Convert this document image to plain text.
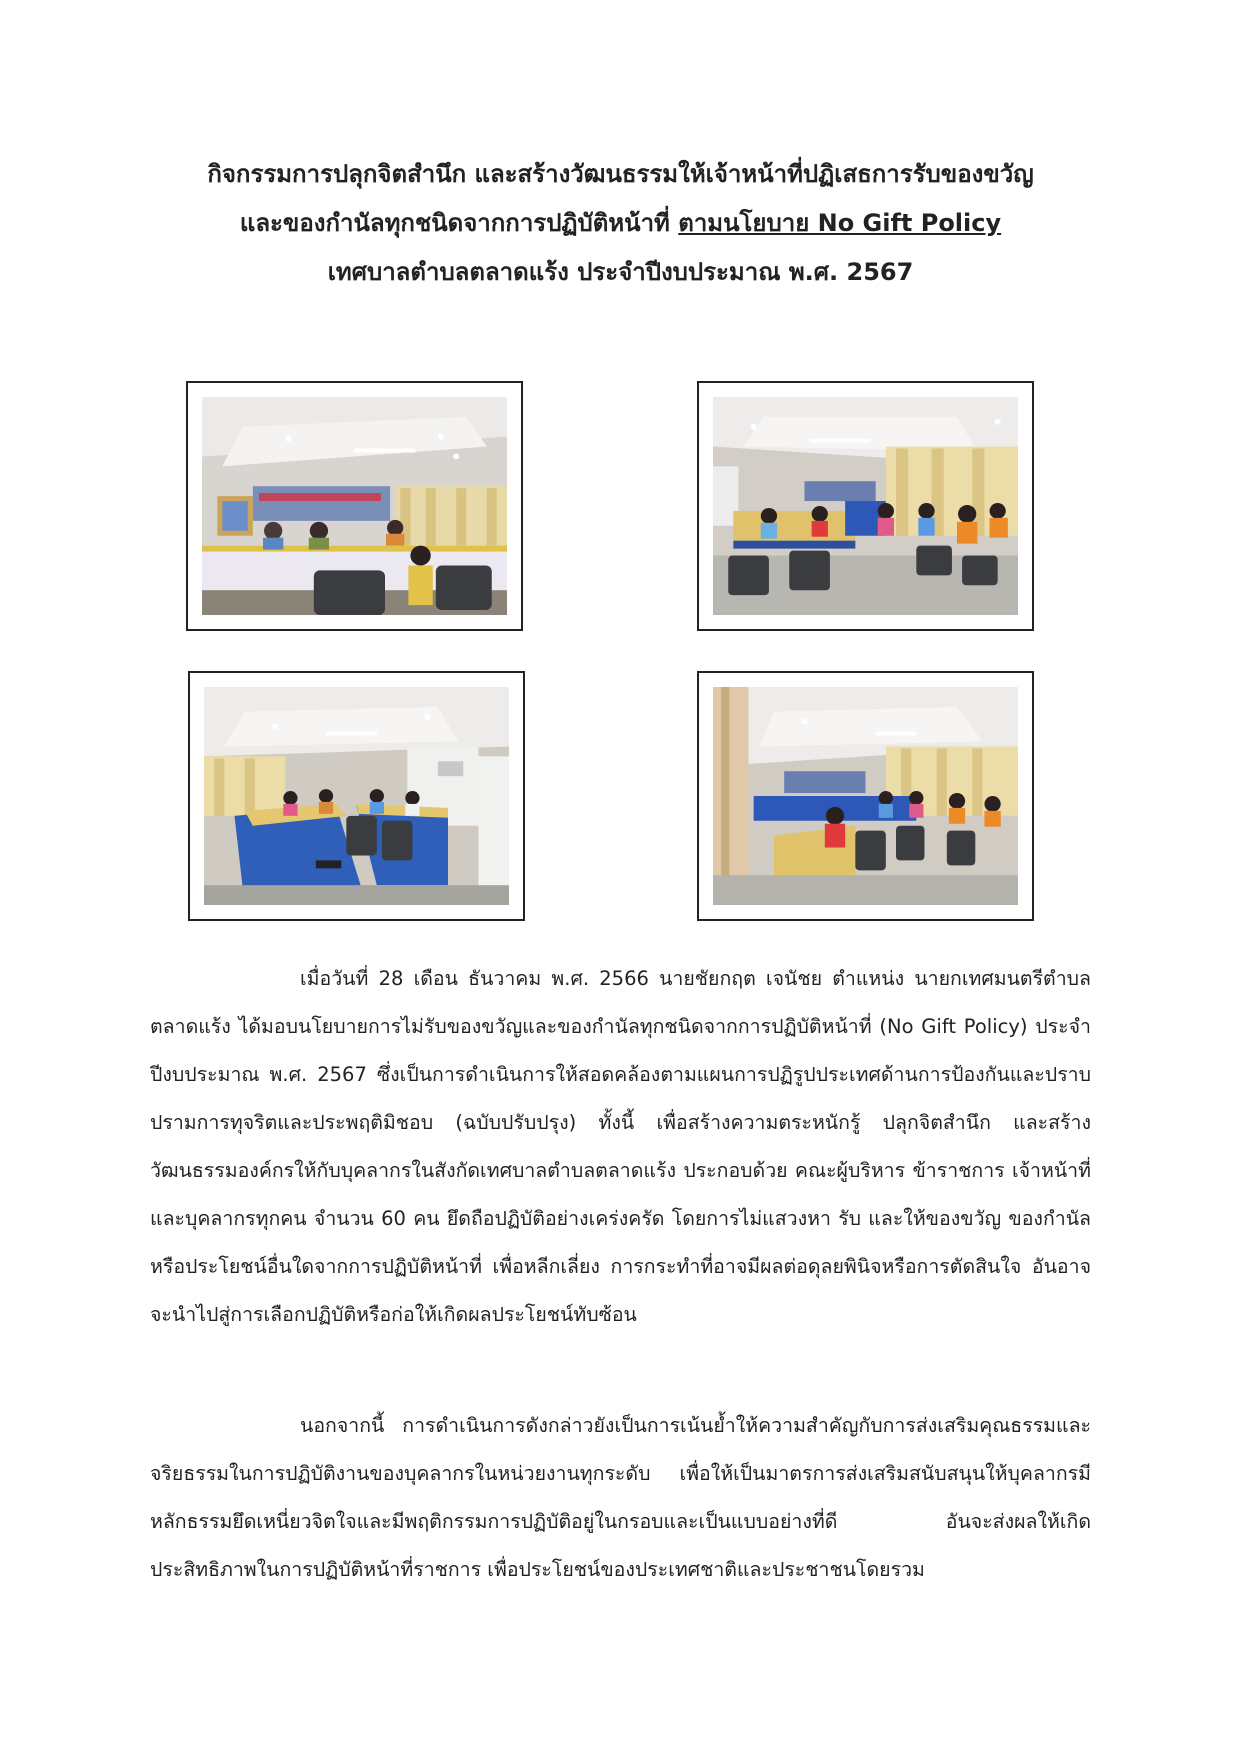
กิจกรรมการปลุกจิตสำนึก และสร้างวัฒนธรรมให้เจ้าหน้าที่ปฏิเสธการรับของขวัญ
และของกำนัลทุกชนิดจากการปฏิบัติหน้าที่ ตามนโยบาย No Gift Policy
เทศบาลตำบลตลาดแร้ง ประจำปีงบประมาณ พ.ศ. 2567

เมื่อวันที่ 28 เดือน ธันวาคม พ.ศ. 2566 นายชัยกฤต เจนัชย ตำแหน่ง นายกเทศมนตรีตำบลตลาดแร้ง ได้มอบนโยบายการไม่รับของขวัญและของกำนัลทุกชนิดจากการปฏิบัติหน้าที่ (No Gift Policy) ประจำปีงบประมาณ พ.ศ. 2567 ซึ่งเป็นการดำเนินการให้สอดคล้องตามแผนการปฏิรูปประเทศด้านการป้องกันและปราบปรามการทุจริตและประพฤติมิชอบ (ฉบับปรับปรุง) ทั้งนี้ เพื่อสร้างความตระหนักรู้ ปลุกจิตสำนึก และสร้างวัฒนธรรมองค์กรให้กับบุคลากรในสังกัดเทศบาลตำบลตลาดแร้ง ประกอบด้วย คณะผู้บริหาร ข้าราชการ เจ้าหน้าที่ และบุคลากรทุกคน จำนวน 60 คน ยึดถือปฏิบัติอย่างเคร่งครัด โดยการไม่แสวงหา รับ และให้ของขวัญ ของกำนัล หรือประโยชน์อื่นใดจากการปฏิบัติหน้าที่ เพื่อหลีกเลี่ยง การกระทำที่อาจมีผลต่อดุลยพินิจหรือการตัดสินใจ อันอาจจะนำไปสู่การเลือกปฏิบัติหรือก่อให้เกิดผลประโยชน์ทับซ้อน

นอกจากนี้ การดำเนินการดังกล่าวยังเป็นการเน้นย้ำให้ความสำคัญกับการส่งเสริมคุณธรรมและจริยธรรมในการปฏิบัติงานของบุคลากรในหน่วยงานทุกระดับ เพื่อให้เป็นมาตรการส่งเสริมสนับสนุนให้บุคลากรมีหลักธรรมยึดเหนี่ยวจิตใจและมีพฤติกรรมการปฏิบัติอยู่ในกรอบและเป็นแบบอย่างที่ดี อันจะส่งผลให้เกิดประสิทธิภาพในการปฏิบัติหน้าที่ราชการ เพื่อประโยชน์ของประเทศชาติและประชาชนโดยรวม
